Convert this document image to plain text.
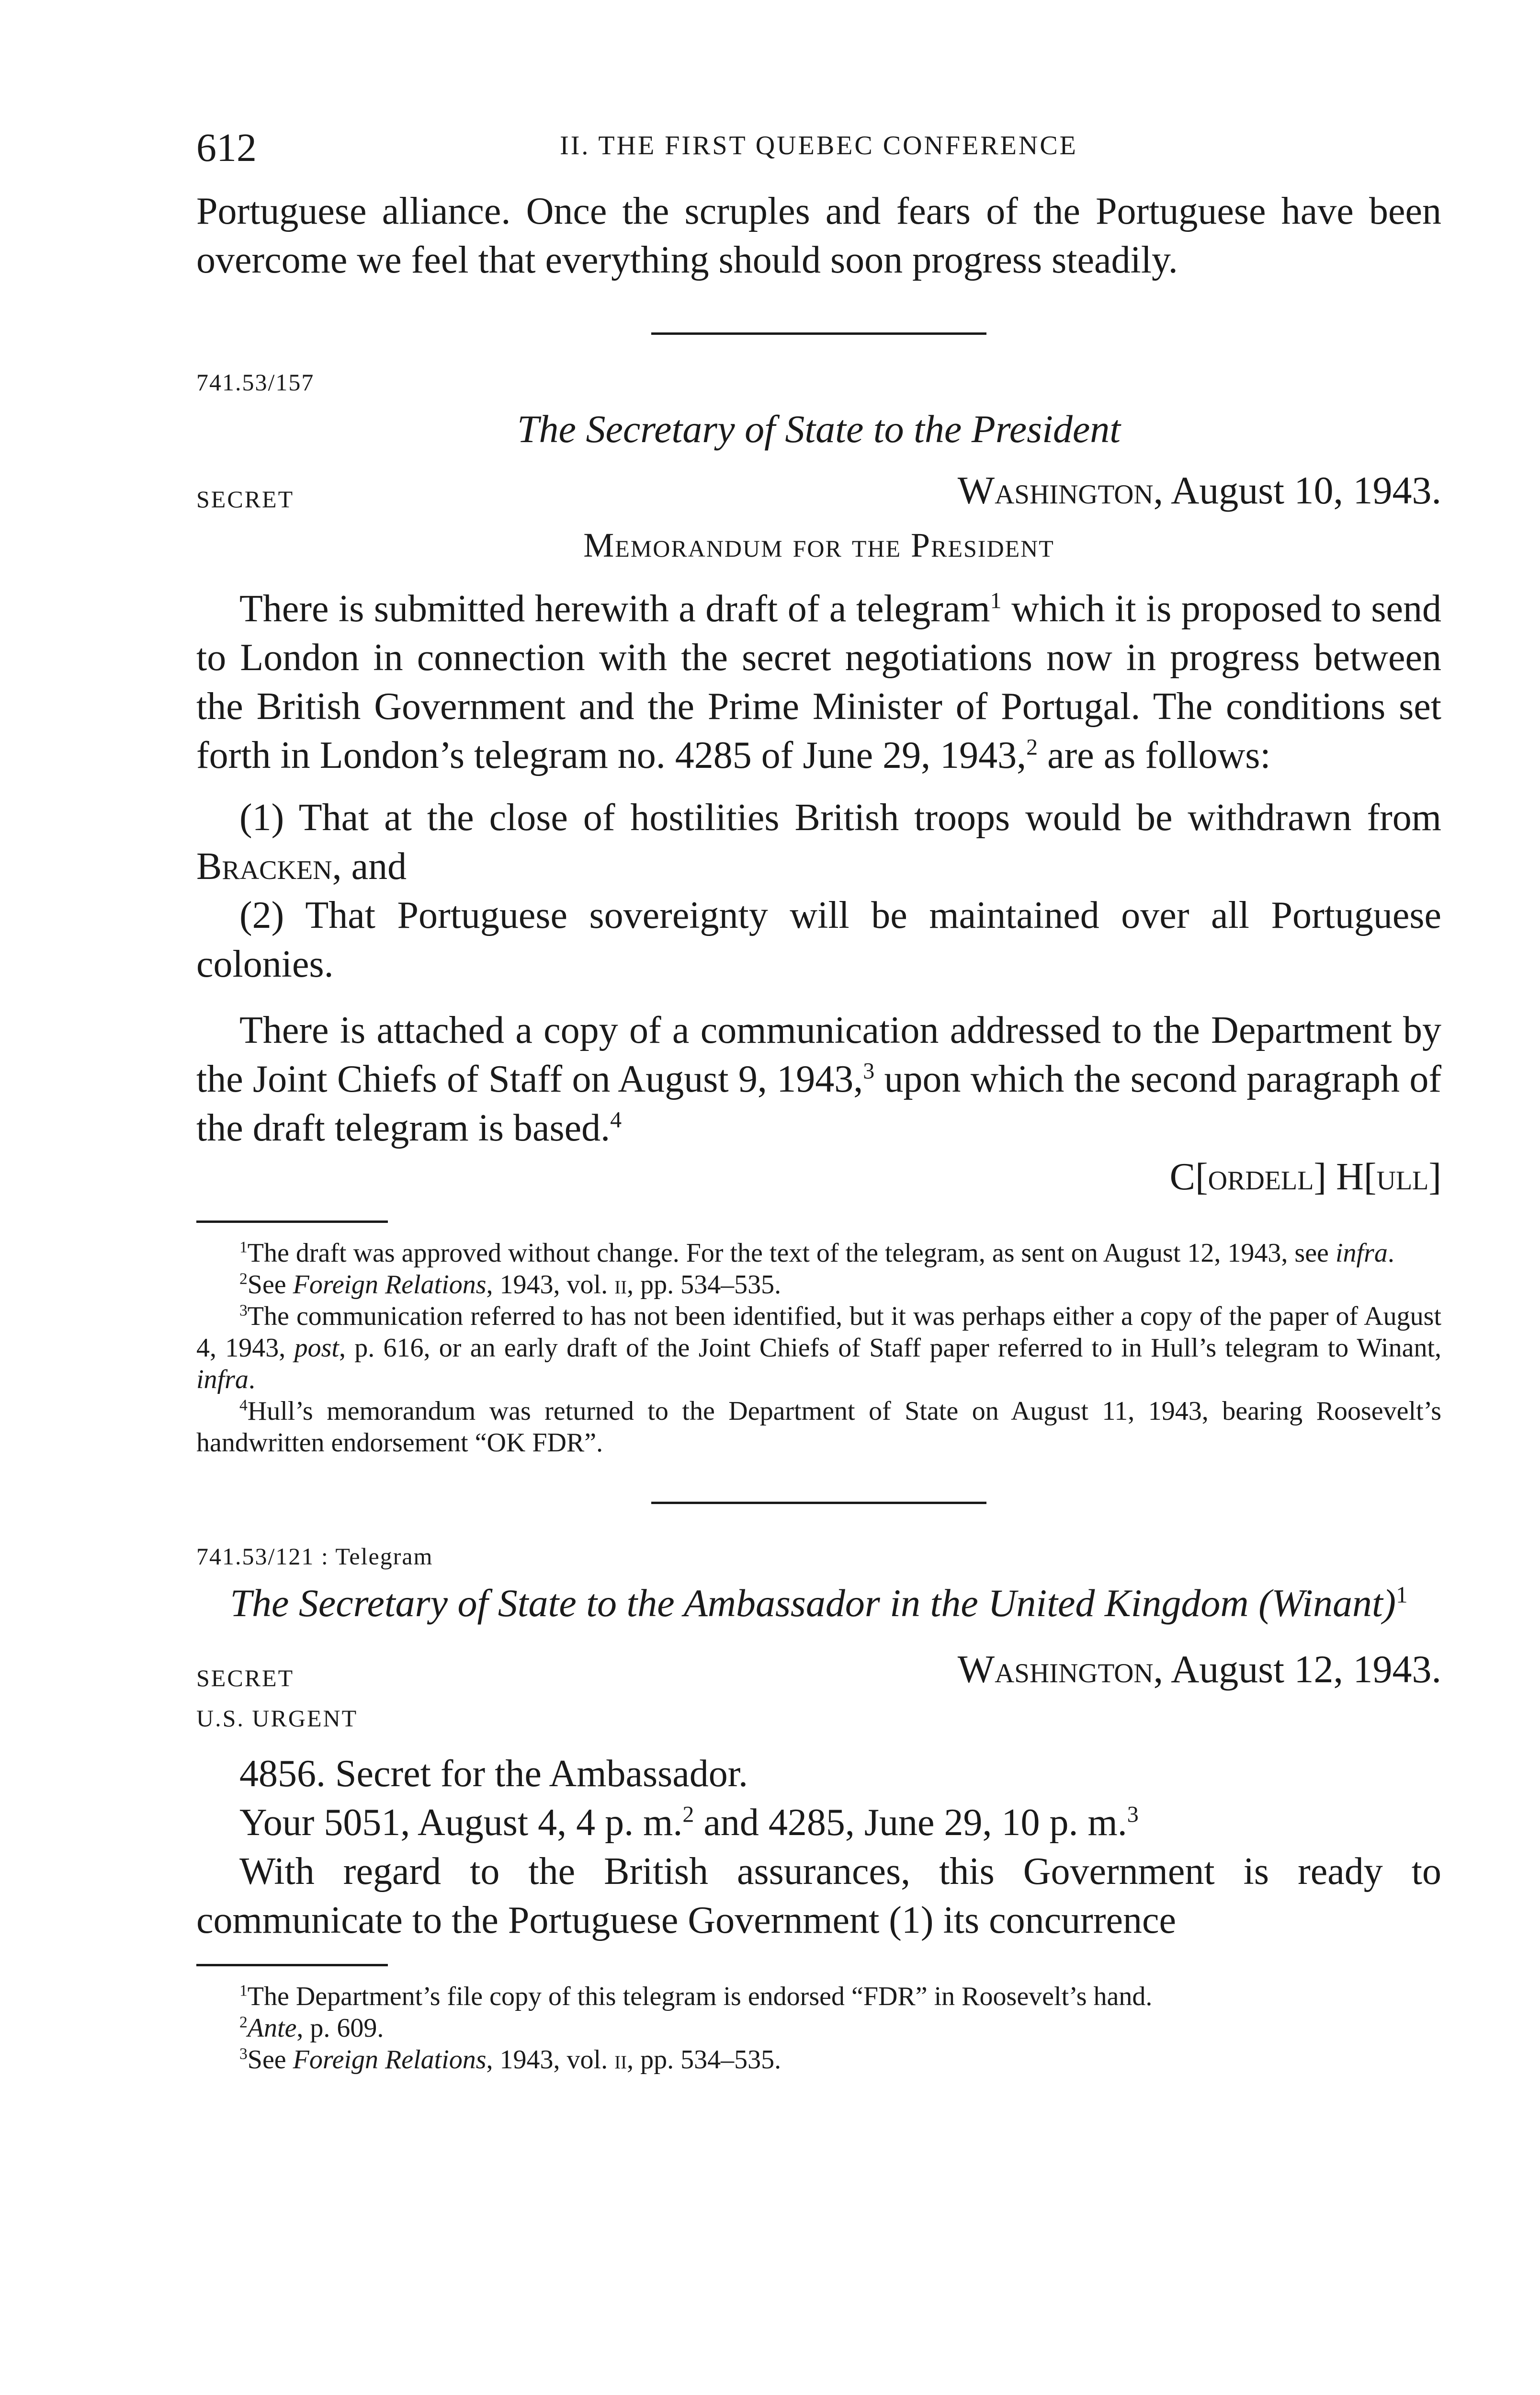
612	II. THE FIRST QUEBEC CONFERENCE

Portuguese alliance. Once the scruples and fears of the Portuguese have been overcome we feel that everything should soon progress steadily.

741.53/157
The Secretary of State to the President
SECRET	Washington, August 10, 1943.
Memorandum for the President

There is submitted herewith a draft of a telegram$^1$ which it is proposed to send to London in connection with the secret negotiations now in progress between the British Government and the Prime Minister of Portugal. The conditions set forth in London’s telegram no. 4285 of June 29, 1943,$^2$ are as follows:

(1) That at the close of hostilities British troops would be withdrawn from Bracken, and

(2) That Portuguese sovereignty will be maintained over all Portuguese colonies.

There is attached a copy of a communication addressed to the Department by the Joint Chiefs of Staff on August 9, 1943,$^3$ upon which the second paragraph of the draft telegram is based.$^4$

C[ordell] H[ull]

$^1$The draft was approved without change. For the text of the telegram, as sent on August 12, 1943, see infra.

$^2$See Foreign Relations, 1943, vol. ii, pp. 534–535.

$^3$The communication referred to has not been identified, but it was perhaps either a copy of the paper of August 4, 1943, post, p. 616, or an early draft of the Joint Chiefs of Staff paper referred to in Hull’s telegram to Winant, infra.

$^4$Hull’s memorandum was returned to the Department of State on August 11, 1943, bearing Roosevelt’s handwritten endorsement “OK FDR”.

741.53/121 : Telegram
The Secretary of State to the Ambassador in the United Kingdom (Winant)$^1$
SECRET	Washington, August 12, 1943.
U.S. URGENT

4856. Secret for the Ambassador.

Your 5051, August 4, 4 p. m.$^2$ and 4285, June 29, 10 p. m.$^3$

With regard to the British assurances, this Government is ready to communicate to the Portuguese Government (1) its concurrence

$^1$The Department’s file copy of this telegram is endorsed “FDR” in Roosevelt’s hand.

$^2$Ante, p. 609.

$^3$See Foreign Relations, 1943, vol. ii, pp. 534–535.
